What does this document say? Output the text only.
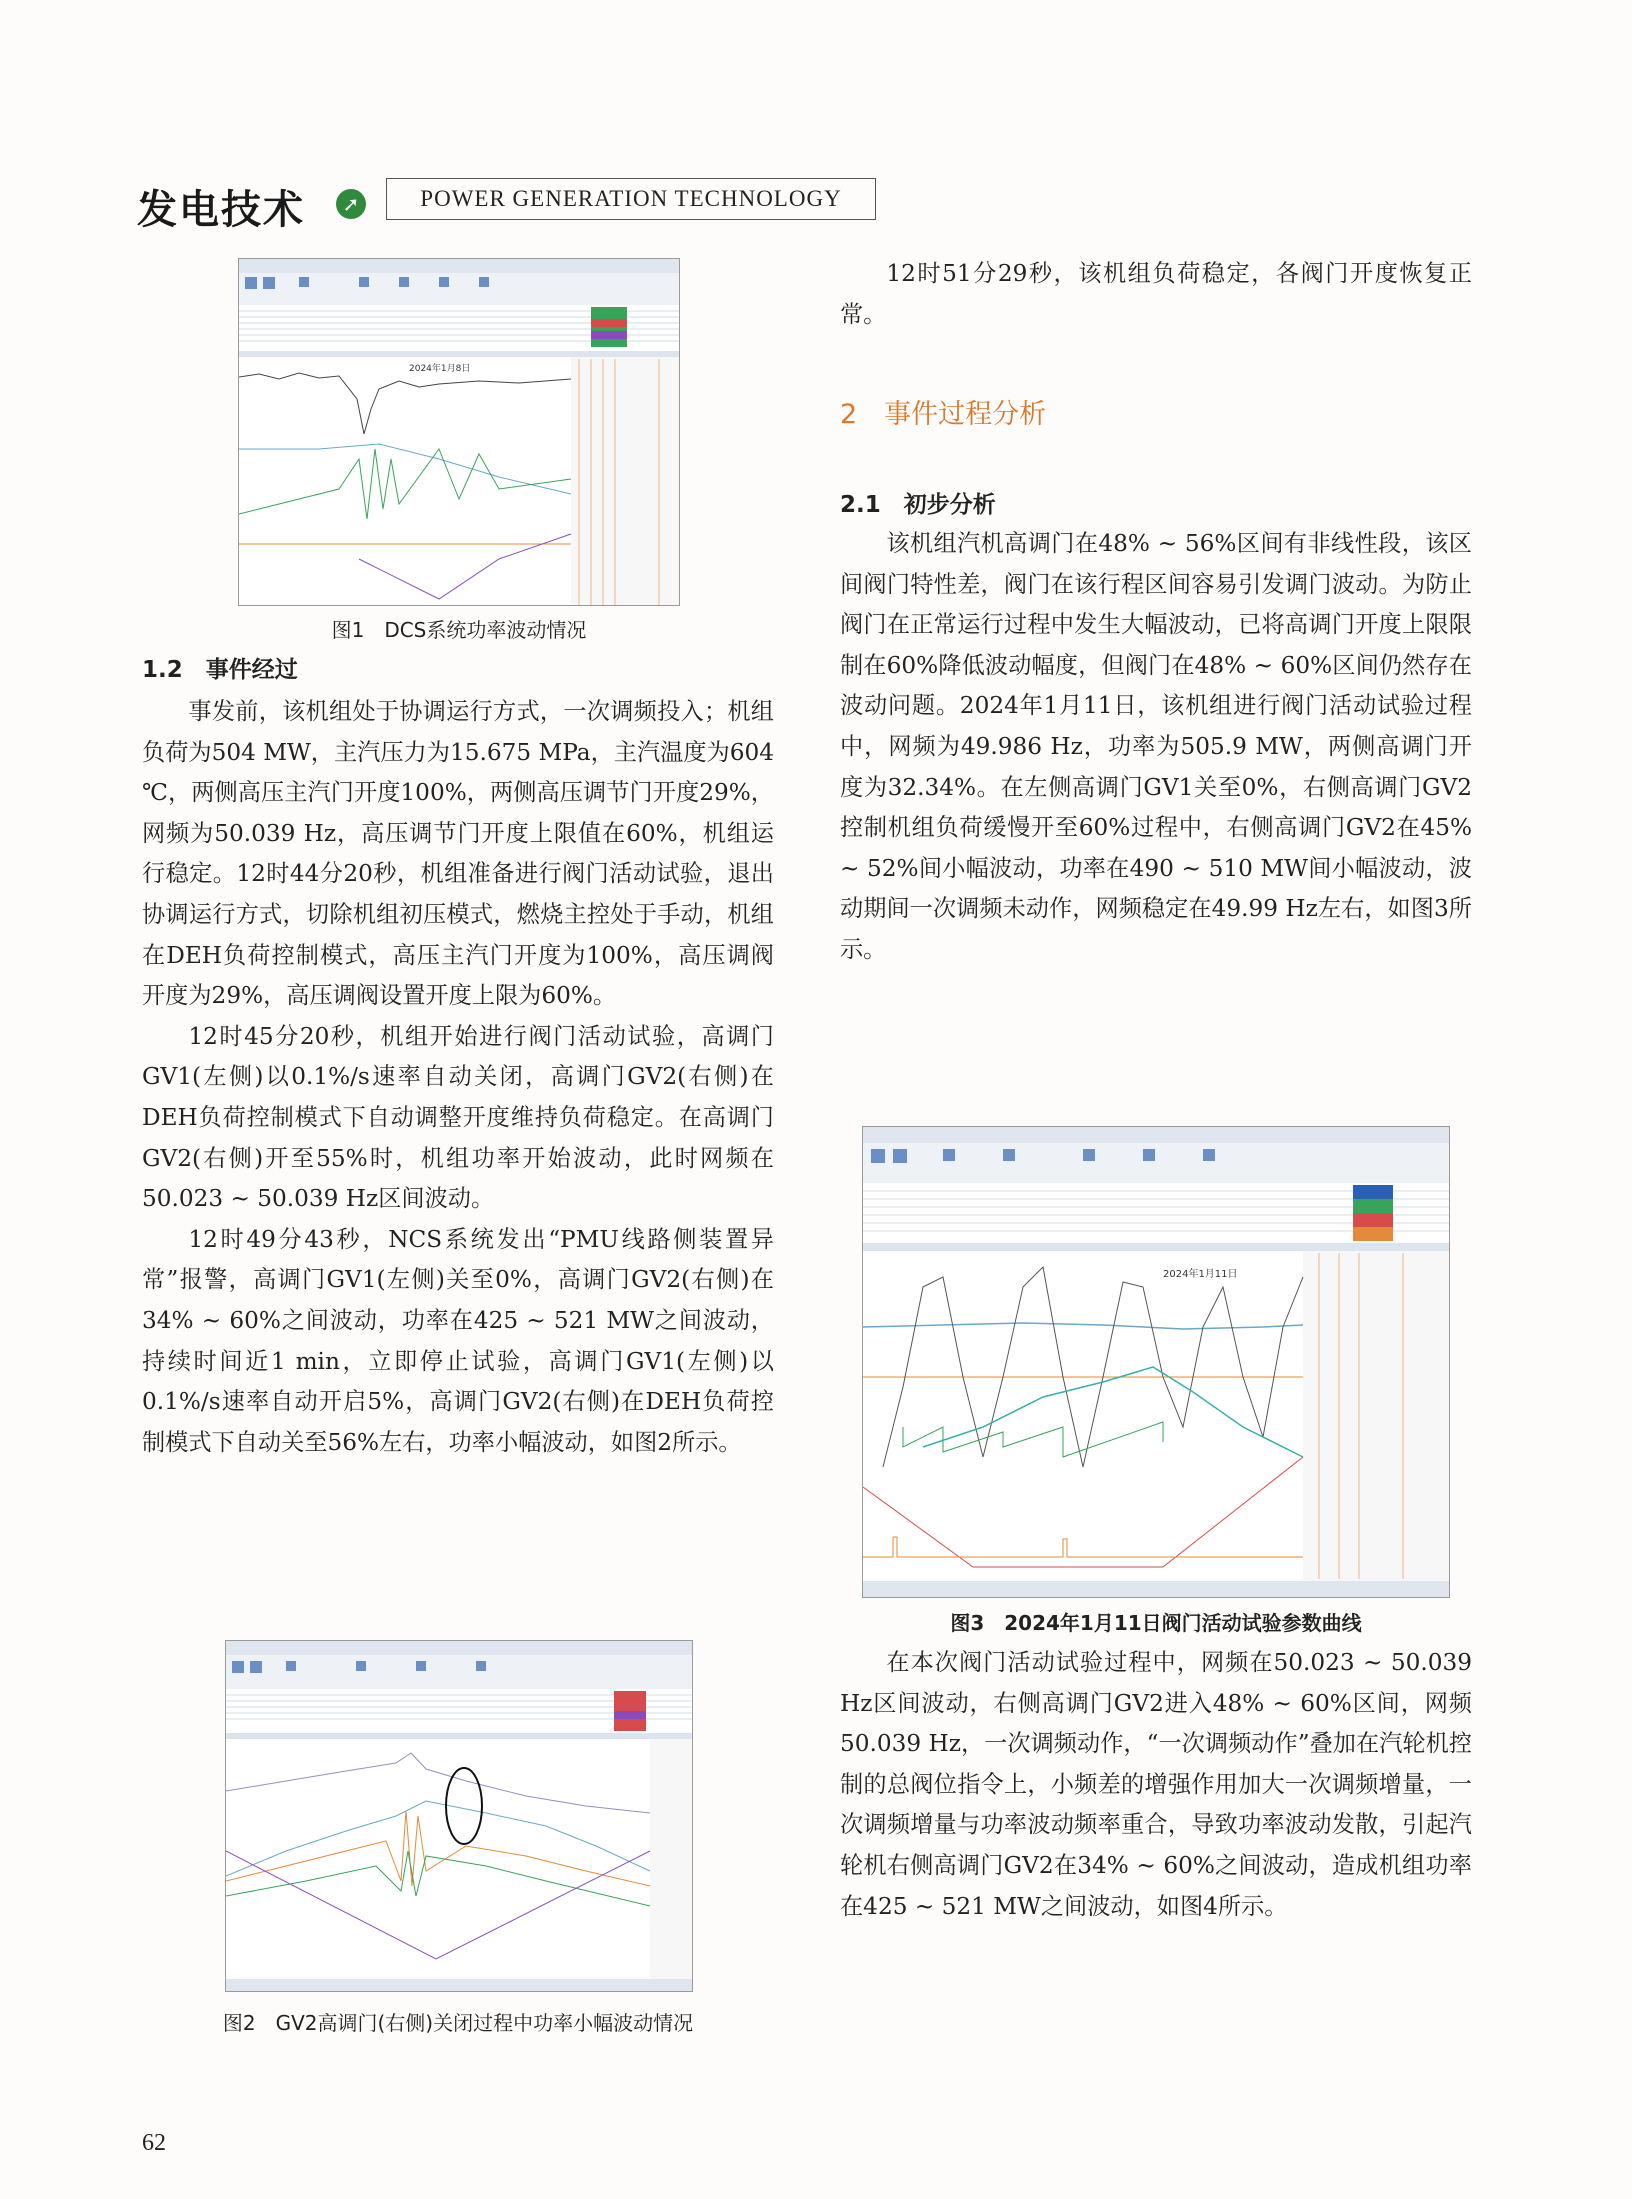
发电技术	➚	POWER GENERATION TECHNOLOGY
2024年1月8日
图1　DCS系统功率波动情况
1.2　事件经过

事发前，该机组处于协调运行方式，一次调频投入；机组负荷为504 MW，主汽压力为15.675 MPa，主汽温度为604 ℃，两侧高压主汽门开度100%，两侧高压调节门开度29%，网频为50.039 Hz，高压调节门开度上限值在60%，机组运行稳定。12时44分20秒，机组准备进行阀门活动试验，退出协调运行方式，切除机组初压模式，燃烧主控处于手动，机组在DEH负荷控制模式，高压主汽门开度为100%，高压调阀开度为29%，高压调阀设置开度上限为60%。

12时45分20秒，机组开始进行阀门活动试验，高调门GV1(左侧)以0.1%/s速率自动关闭，高调门GV2(右侧)在DEH负荷控制模式下自动调整开度维持负荷稳定。在高调门GV2(右侧)开至55%时，机组功率开始波动，此时网频在50.023 ~ 50.039 Hz区间波动。

12时49分43秒，NCS系统发出“PMU线路侧装置异常”报警，高调门GV1(左侧)关至0%，高调门GV2(右侧)在34% ~ 60%之间波动，功率在425 ~ 521 MW之间波动，持续时间近1 min，立即停止试验，高调门GV1(左侧)以0.1%/s速率自动开启5%，高调门GV2(右侧)在DEH负荷控制模式下自动关至56%左右，功率小幅波动，如图2所示。

图2　GV2高调门(右侧)关闭过程中功率小幅波动情况

12时51分29秒，该机组负荷稳定，各阀门开度恢复正常。

2　事件过程分析
2.1　初步分析

该机组汽机高调门在48% ~ 56%区间有非线性段，该区间阀门特性差，阀门在该行程区间容易引发调门波动。为防止阀门在正常运行过程中发生大幅波动，已将高调门开度上限限制在60%降低波动幅度，但阀门在48% ~ 60%区间仍然存在波动问题。2024年1月11日，该机组进行阀门活动试验过程中，网频为49.986 Hz，功率为505.9 MW，两侧高调门开度为32.34%。在左侧高调门GV1关至0%，右侧高调门GV2控制机组负荷缓慢开至60%过程中，右侧高调门GV2在45% ~ 52%间小幅波动，功率在490 ~ 510 MW间小幅波动，波动期间一次调频未动作，网频稳定在49.99 Hz左右，如图3所示。

2024年1月11日
图3　2024年1月11日阀门活动试验参数曲线

在本次阀门活动试验过程中，网频在50.023 ~ 50.039 Hz区间波动，右侧高调门GV2进入48% ~ 60%区间，网频50.039 Hz，一次调频动作，“一次调频动作”叠加在汽轮机控制的总阀位指令上，小频差的增强作用加大一次调频增量，一次调频增量与功率波动频率重合，导致功率波动发散，引起汽轮机右侧高调门GV2在34% ~ 60%之间波动，造成机组功率在425 ~ 521 MW之间波动，如图4所示。

62
